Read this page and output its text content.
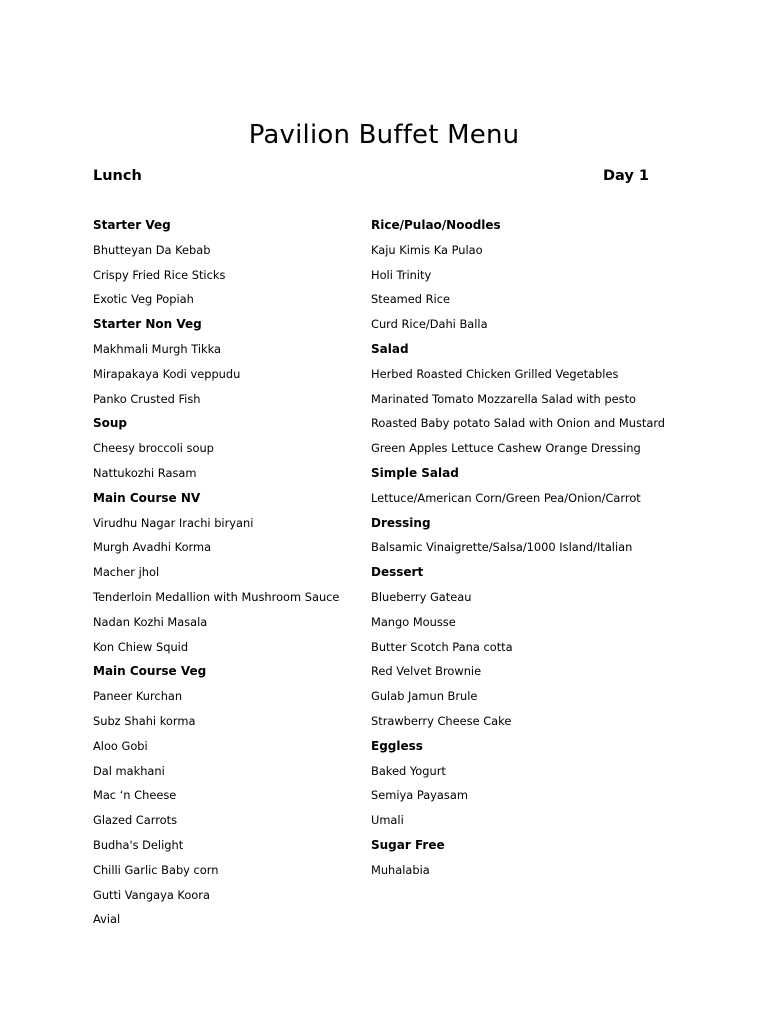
Pavilion Buffet Menu
Lunch	Day 1
Starter Veg
Bhutteyan Da Kebab
Crispy Fried Rice Sticks
Exotic Veg Popiah
Starter Non Veg
Makhmali Murgh Tikka
Mirapakaya Kodi veppudu
Panko Crusted Fish
Soup
Cheesy broccoli soup
Nattukozhi Rasam
Main Course NV
Virudhu Nagar Irachi biryani
Murgh Avadhi Korma
Macher jhol
Tenderloin Medallion with Mushroom Sauce
Nadan Kozhi Masala
Kon Chiew Squid
Main Course Veg
Paneer Kurchan
Subz Shahi korma
Aloo Gobi
Dal makhani
Mac ‘n Cheese
Glazed Carrots
Budha's Delight
Chilli Garlic Baby corn
Gutti Vangaya Koora
Avial
Rice/Pulao/Noodles
Kaju Kimis Ka Pulao
Holi Trinity
Steamed Rice
Curd Rice/Dahi Balla
Salad
Herbed Roasted Chicken Grilled Vegetables
Marinated Tomato Mozzarella Salad with pesto
Roasted Baby potato Salad with Onion and Mustard
Green Apples Lettuce Cashew Orange Dressing
Simple Salad
Lettuce/American Corn/Green Pea/Onion/Carrot
Dressing
Balsamic Vinaigrette/Salsa/1000 Island/Italian
Dessert
Blueberry Gateau
Mango Mousse
Butter Scotch Pana cotta
Red Velvet Brownie
Gulab Jamun Brule
Strawberry Cheese Cake
Eggless
Baked Yogurt
Semiya Payasam
Umali
Sugar Free
Muhalabia
